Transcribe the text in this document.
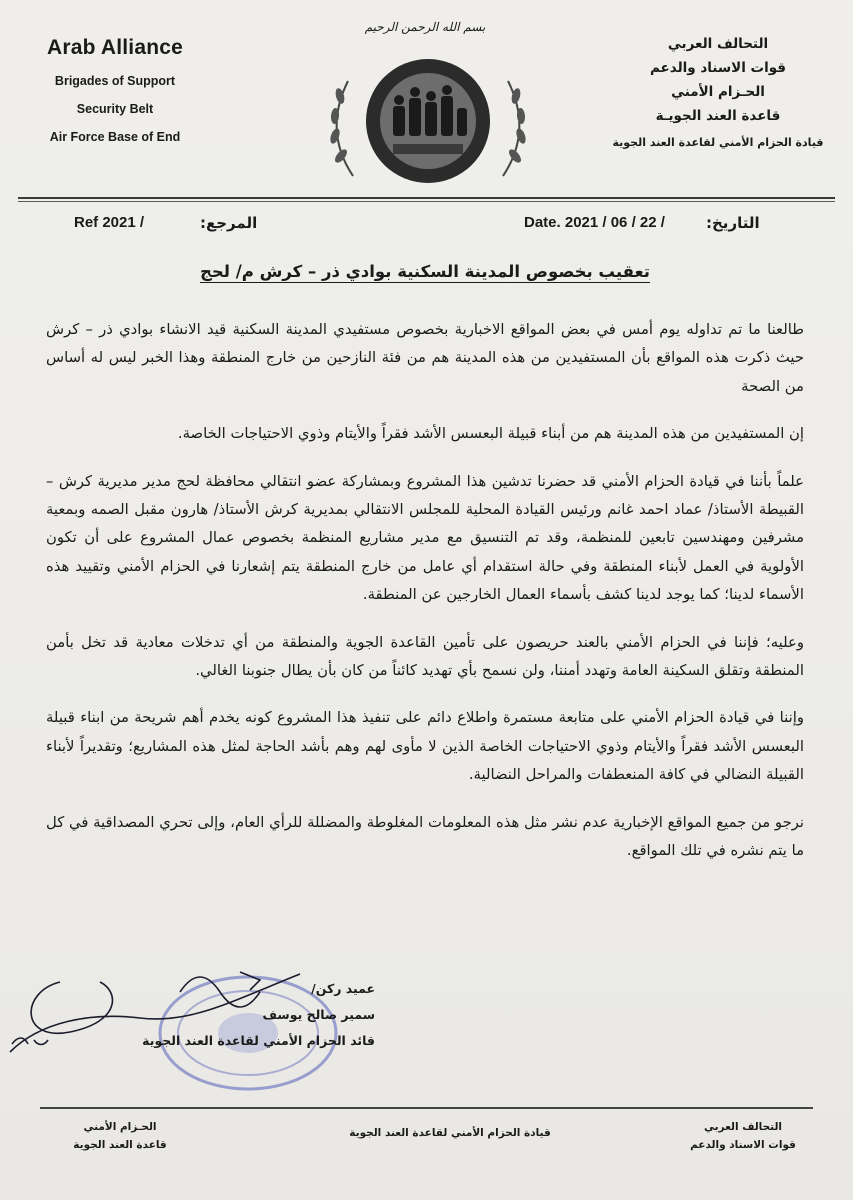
Arab Alliance
Brigades of Support
Security Belt
Air Force Base of End
بسم الله الرحمن الرحيم
التحالف العربي
قوات الاسناد والدعم
الحـزام الأمني
قاعدة العند الجويـة
قيادة الحزام الأمني لقاعدة العند الجوية
Ref 2021 /	المرجع:	Date. 2021 / 06 / 22 /	التاريخ:
تعقيب بخصوص المدينة السكنية بوادي ذر – كرش م/ لحج

طالعنا ما تم تداوله يوم أمس في بعض المواقع الاخبارية بخصوص مستفيدي المدينة السكنية قيد الانشاء بوادي ذر – كرش حيث ذكرت هذه المواقع بأن المستفيدين من هذه المدينة هم من فئة النازحين من خارج المنطقة وهذا الخبر ليس له أساس من الصحة

إن المستفيدين من هذه المدينة هم من أبناء قبيلة البعسس الأشد فقراً والأيتام وذوي الاحتياجات الخاصة.

علماً بأننا في قيادة الحزام الأمني قد حضرنا تدشين هذا المشروع وبمشاركة عضو انتقالي محافظة لحج مدير مديرية كرش – القبيطة الأستاذ/ عماد احمد غانم ورئيس القيادة المحلية للمجلس الانتقالي بمديرية كرش الأستاذ/ هارون مقبل الصمه وبمعية مشرفين ومهندسين تابعين للمنظمة، وقد تم التنسيق مع مدير مشاريع المنظمة بخصوص عمال المشروع على أن تكون الأولوية في العمل لأبناء المنطقة وفي حالة استقدام أي عامل من خارج المنطقة يتم إشعارنا في الحزام الأمني وتقييد هذه الأسماء لدينا؛ كما يوجد لدينا كشف بأسماء العمال الخارجين عن المنطقة.

وعليه؛ فإننا في الحزام الأمني بالعند حريصون على تأمين القاعدة الجوية والمنطقة من أي تدخلات معادية قد تخل بأمن المنطقة وتقلق السكينة العامة وتهدد أمننا، ولن نسمح بأي تهديد كائناً من كان بأن يطال جنوبنا الغالي.

وإننا في قيادة الحزام الأمني على متابعة مستمرة واطلاع دائم على تنفيذ هذا المشروع كونه يخدم أهم شريحة من ابناء قبيلة البعسس الأشد فقراً والأيتام وذوي الاحتياجات الخاصة الذين لا مأوى لهم وهم بأشد الحاجة لمثل هذه المشاريع؛ وتقديراً لأبناء القبيلة النضالي في كافة المنعطفات والمراحل النضالية.

نرجو من جميع المواقع الإخبارية عدم نشر مثل هذه المعلومات المغلوطة والمضللة للرأي العام، وإلى تحري المصداقية في كل ما يتم نشره في تلك المواقع.

عميد ركن/
سمير صالح يوسف
قائد الحزام الأمني لقاعدة العند الجوية
الحـزام الأمني
قاعدة العند الجوية
قيادة الحزام الأمني لقاعدة العند الجوية	التحالف العربي
قوات الاسناد والدعم
